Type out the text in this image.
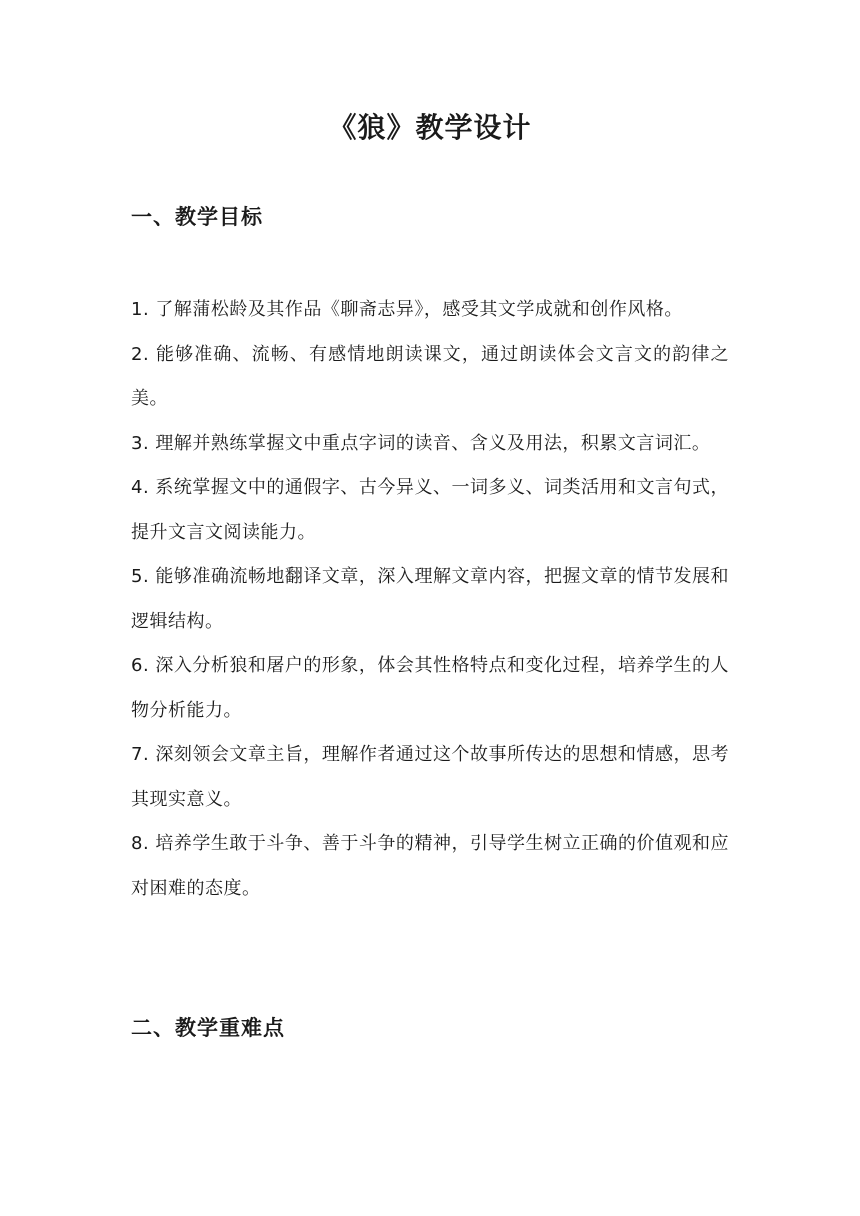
《狼》教学设计
一、教学目标
1. 了解蒲松龄及其作品《聊斋志异》，感受其文学成就和创作风格。
2. 能够准确、流畅、有感情地朗读课文，通过朗读体会文言文的韵律之美。
3. 理解并熟练掌握文中重点字词的读音、含义及用法，积累文言词汇。
4. 系统掌握文中的通假字、古今异义、一词多义、词类活用和文言句式，提升文言文阅读能力。
5. 能够准确流畅地翻译文章，深入理解文章内容，把握文章的情节发展和逻辑结构。
6. 深入分析狼和屠户的形象，体会其性格特点和变化过程，培养学生的人物分析能力。
7. 深刻领会文章主旨，理解作者通过这个故事所传达的思想和情感，思考其现实意义。
8. 培养学生敢于斗争、善于斗争的精神，引导学生树立正确的价值观和应对困难的态度。
二、教学重难点
